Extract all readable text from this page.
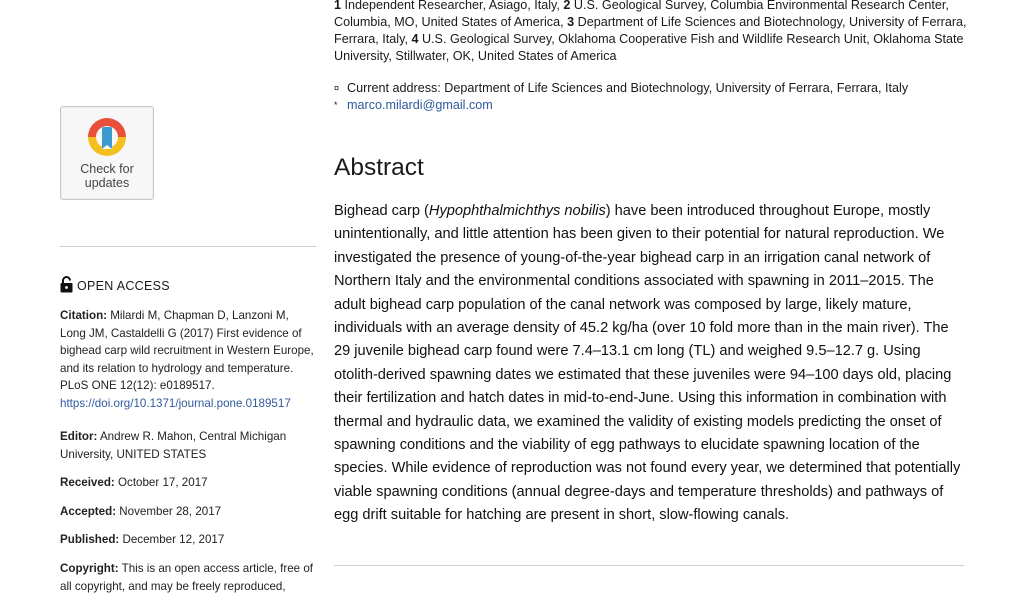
1 Independent Researcher, Asiago, Italy, 2 U.S. Geological Survey, Columbia Environmental Research Center, Columbia, MO, United States of America, 3 Department of Life Sciences and Biotechnology, University of Ferrara, Ferrara, Italy, 4 U.S. Geological Survey, Oklahoma Cooperative Fish and Wildlife Research Unit, Oklahoma State University, Stillwater, OK, United States of America
¤ Current address: Department of Life Sciences and Biotechnology, University of Ferrara, Ferrara, Italy
* marco.milardi@gmail.com
Abstract
Bighead carp (Hypophthalmichthys nobilis) have been introduced throughout Europe, mostly unintentionally, and little attention has been given to their potential for natural reproduction. We investigated the presence of young-of-the-year bighead carp in an irrigation canal network of Northern Italy and the environmental conditions associated with spawning in 2011–2015. The adult bighead carp population of the canal network was composed by large, likely mature, individuals with an average density of 45.2 kg/ha (over 10 fold more than in the main river). The 29 juvenile bighead carp found were 7.4–13.1 cm long (TL) and weighed 9.5–12.7 g. Using otolith-derived spawning dates we estimated that these juveniles were 94–100 days old, placing their fertilization and hatch dates in mid-to-end-June. Using this information in combination with thermal and hydraulic data, we examined the validity of existing models predicting the onset of spawning conditions and the viability of egg pathways to elucidate spawning location of the species. While evidence of reproduction was not found every year, we determined that potentially viable spawning conditions (annual degree-days and temperature thresholds) and pathways of egg drift suitable for hatching are present in short, slow-flowing canals.
Check for
updates
OPEN ACCESS
Citation: Milardi M, Chapman D, Lanzoni M, Long JM, Castaldelli G (2017) First evidence of bighead carp wild recruitment in Western Europe, and its relation to hydrology and temperature. PLoS ONE 12(12): e0189517. https://doi.org/10.1371/journal.pone.0189517
Editor: Andrew R. Mahon, Central Michigan University, UNITED STATES
Received: October 17, 2017
Accepted: November 28, 2017
Published: December 12, 2017
Copyright: This is an open access article, free of all copyright, and may be freely reproduced,
